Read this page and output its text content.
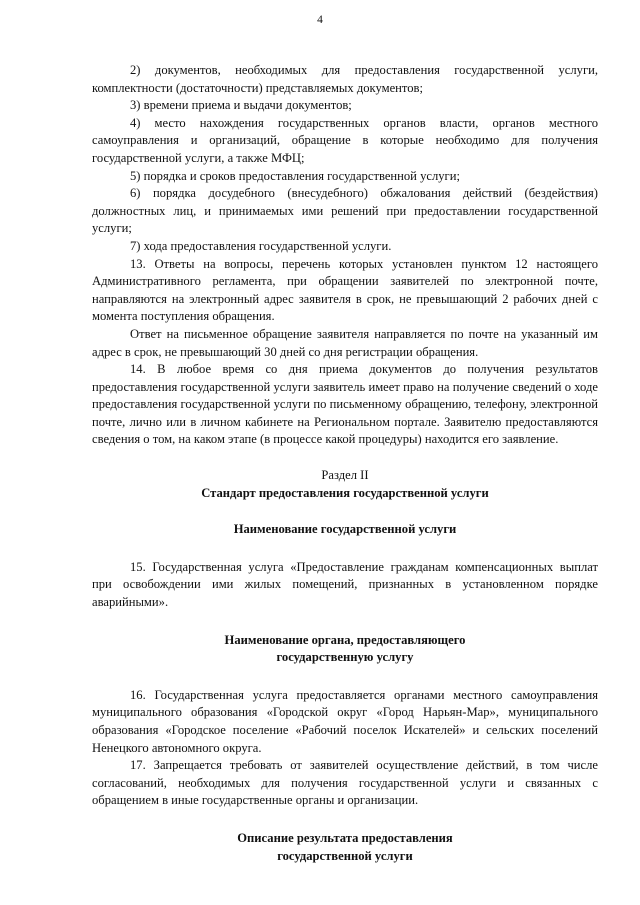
4

2) документов, необходимых для предоставления государственной услуги, комплектности (достаточности) представляемых документов;

3) времени приема и выдачи документов;

4) место нахождения государственных органов власти, органов местного самоуправления и организаций, обращение в которые необходимо для получения государственной услуги, а также МФЦ;

5) порядка и сроков предоставления государственной услуги;

6) порядка досудебного (внесудебного) обжалования действий (бездействия) должностных лиц, и принимаемых ими решений при предоставлении государственной услуги;

7) хода предоставления государственной услуги.

13. Ответы на вопросы, перечень которых установлен пунктом 12 настоящего Административного регламента, при обращении заявителей по электронной почте, направляются на электронный адрес заявителя в срок, не превышающий 2 рабочих дней с момента поступления обращения.

Ответ на письменное обращение заявителя направляется по почте на указанный им адрес в срок, не превышающий 30 дней со дня регистрации обращения.

14. В любое время со дня приема документов до получения результатов предоставления государственной услуги заявитель имеет право на получение сведений о ходе предоставления государственной услуги по письменному обращению, телефону, электронной почте, лично или в личном кабинете на Региональном портале. Заявителю предоставляются сведения о том, на каком этапе (в процессе какой процедуры) находится его заявление.

Раздел II

Стандарт предоставления государственной услуги

Наименование государственной услуги

15. Государственная услуга «Предоставление гражданам компенсационных выплат при освобождении ими жилых помещений, признанных в установленном порядке аварийными».

Наименование органа, предоставляющего

государственную услугу

16. Государственная услуга предоставляется органами местного самоуправления муниципального образования «Городской округ «Город Нарьян-Мар», муниципального образования «Городское поселение «Рабочий поселок Искателей» и сельских поселений Ненецкого автономного округа.

17. Запрещается требовать от заявителей осуществление действий, в том числе согласований, необходимых для получения государственной услуги и связанных с обращением в иные государственные органы и организации.

Описание результата предоставления

государственной услуги
